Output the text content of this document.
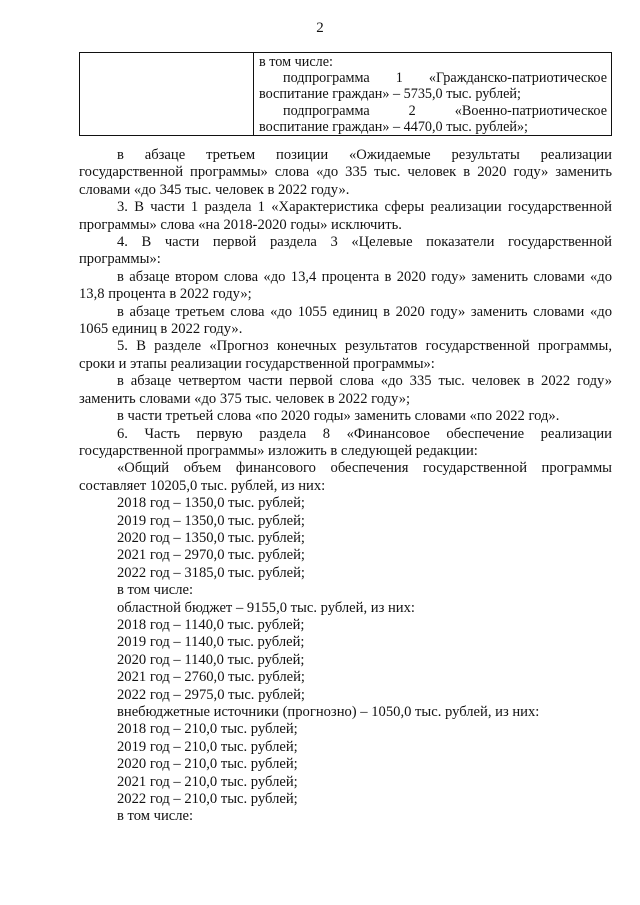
2
в том числе:
подпрограмма 1 «Гражданско-патриотическое воспитание граждан» – 5735,0 тыс. рублей;
подпрограмма 2 «Военно-патриотическое воспитание граждан» – 4470,0 тыс. рублей»;

в абзаце третьем позиции «Ожидаемые результаты реализации государственной программы» слова «до 335 тыс. человек в 2020 году» заменить словами «до 345 тыс. человек в 2022 году».

3. В части 1 раздела 1 «Характеристика сферы реализации государственной программы» слова «на 2018-2020 годы» исключить.

4. В части первой раздела 3 «Целевые показатели государственной программы»:

в абзаце втором слова «до 13,4 процента в 2020 году» заменить словами «до 13,8 процента в 2022 году»;

в абзаце третьем слова «до 1055 единиц в 2020 году» заменить словами «до 1065 единиц в 2022 году».

5. В разделе «Прогноз конечных результатов государственной программы, сроки и этапы реализации государственной программы»:

в абзаце четвертом части первой слова «до 335 тыс. человек в 2022 году» заменить словами «до 375 тыс. человек в 2022 году»;

в части третьей слова «по 2020 годы» заменить словами «по 2022 год».

6. Часть первую раздела 8 «Финансовое обеспечение реализации государственной программы» изложить в следующей редакции:

«Общий объем финансового обеспечения государственной программы составляет 10205,0 тыс. рублей, из них:

2018 год – 1350,0 тыс. рублей;

2019 год – 1350,0 тыс. рублей;

2020 год – 1350,0 тыс. рублей;

2021 год – 2970,0 тыс. рублей;

2022 год – 3185,0 тыс. рублей;

в том числе:

областной бюджет – 9155,0 тыс. рублей, из них:

2018 год – 1140,0 тыс. рублей;

2019 год – 1140,0 тыс. рублей;

2020 год – 1140,0 тыс. рублей;

2021 год – 2760,0 тыс. рублей;

2022 год – 2975,0 тыс. рублей;

внебюджетные источники (прогнозно) – 1050,0 тыс. рублей, из них:

2018 год – 210,0 тыс. рублей;

2019 год – 210,0 тыс. рублей;

2020 год – 210,0 тыс. рублей;

2021 год – 210,0 тыс. рублей;

2022 год – 210,0 тыс. рублей;

в том числе:
